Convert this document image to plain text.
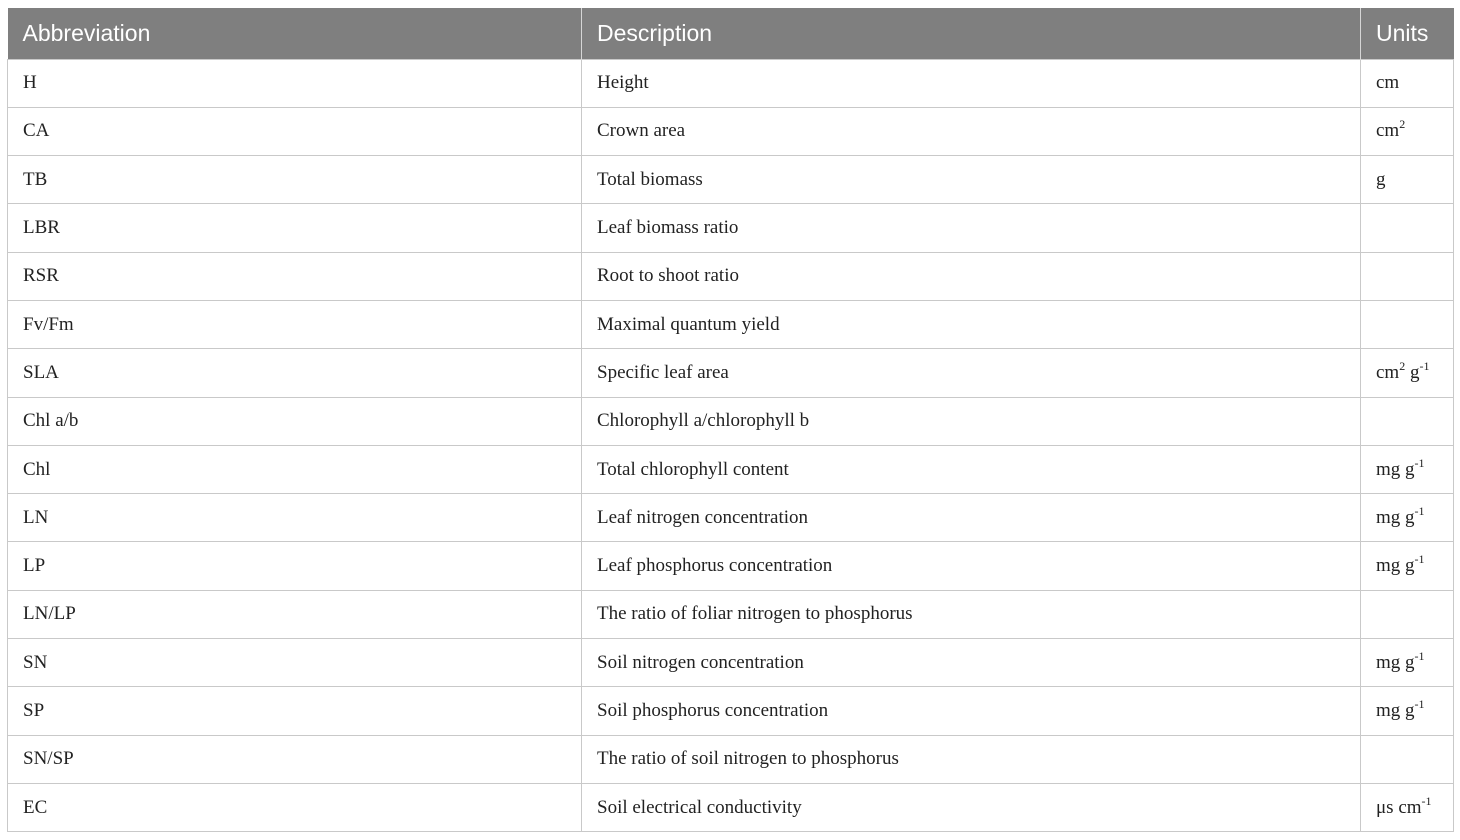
Abbreviation	Description	Units
H	Height	cm
CA	Crown area	$cm^2$
TB	Total biomass	g
LBR	Leaf biomass ratio	
RSR	Root to shoot ratio	
Fv/Fm	Maximal quantum yield	
SLA	Specific leaf area	$cm^2$ $g^{-1}$
Chl a/b	Chlorophyll a/chlorophyll b	
Chl	Total chlorophyll content	mg $g^{-1}$
LN	Leaf nitrogen concentration	mg $g^{-1}$
LP	Leaf phosphorus concentration	mg $g^{-1}$
LN/LP	The ratio of foliar nitrogen to phosphorus	
SN	Soil nitrogen concentration	mg $g^{-1}$
SP	Soil phosphorus concentration	mg $g^{-1}$
SN/SP	The ratio of soil nitrogen to phosphorus	
EC	Soil electrical conductivity	μs $cm^{-1}$
